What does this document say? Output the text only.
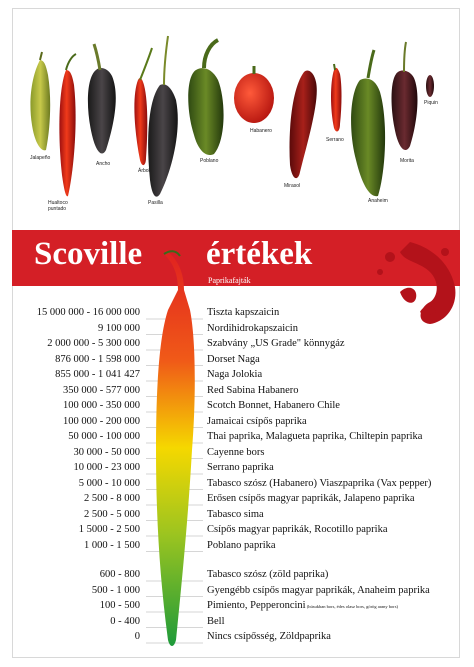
Jalapeño
Hualtoco puntado
Ancho
Árbol
Pasilla
Poblano
Habanero
Mirasol
Serrano
Anaheim
Morita
Piquin
Scoville értékek
Paprikafajták
15 000 000 - 16 000 000	Tiszta kapszaicin
9 100 000	Nordihidrokapszaicin
2 000 000 - 5 300 000	Szabvány „US Grade" könnygáz
876 000 - 1 598 000	Dorset Naga
855 000 - 1 041 427	Naga Jolokia
350 000 - 577 000	Red Sabina Habanero
100 000 - 350 000	Scotch Bonnet, Habanero Chile
100 000 - 200 000	Jamaicai csípős paprika
50 000 - 100 000	Thai paprika, Malagueta paprika, Chiltepin paprika
30 000 - 50 000	Cayenne bors
10 000 - 23 000	Serrano paprika
5 000 - 10 000	Tabasco szósz (Habanero) Viaszpaprika (Vax pepper)
2 500 - 8 000	Erősen csípős magyar paprikák, Jalapeno paprika
2 500 - 5 000	Tabasco sima
1 5000 - 2 500	Csípős magyar paprikák, Rocotillo paprika
1 000 - 1 500	Poblano paprika
600 - 800	Tabasco szósz (zöld paprika)
500 - 1 000	Gyengébb csípős magyar paprikák, Anaheim paprika
100 - 500	Pimiento, Pepperoncini (húsukban bors, édes olasz bors, görög arany bors)
0 - 400	Bell
0	Nincs csípősség, Zöldpaprika
